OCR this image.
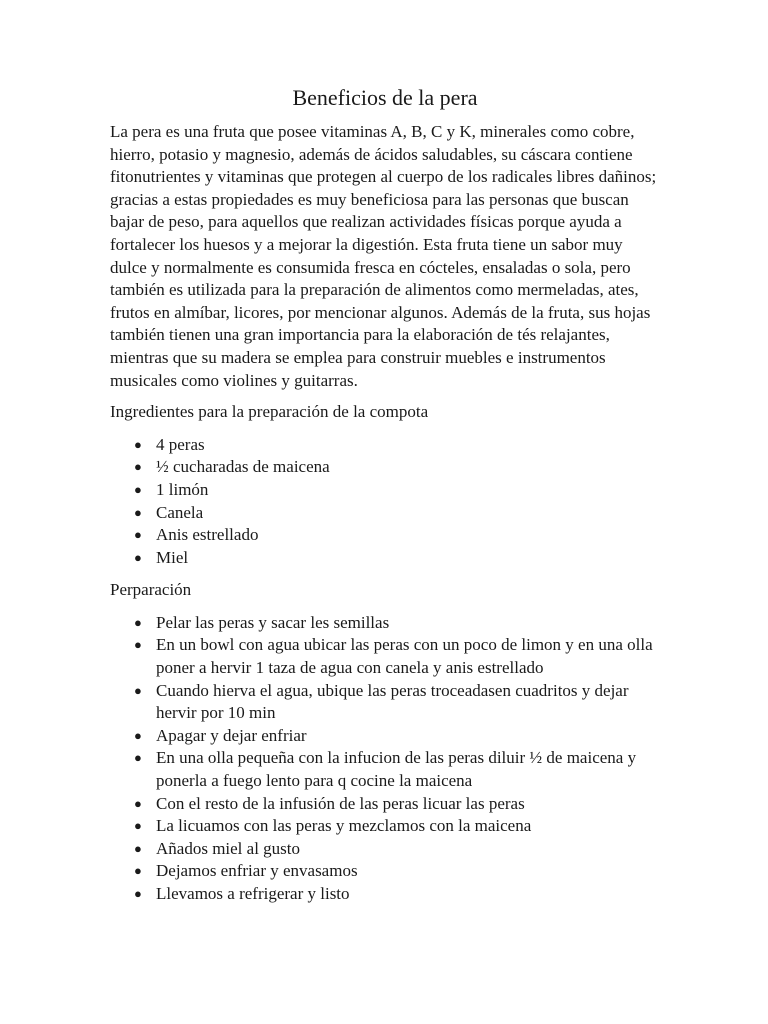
Beneficios de la pera

La pera es una fruta que posee vitaminas A, B, C y K, minerales como cobre, hierro, potasio y magnesio, además de ácidos saludables, su cáscara contiene fitonutrientes y vitaminas que protegen al cuerpo de los radicales libres dañinos; gracias a estas propiedades es muy beneficiosa para las personas que buscan bajar de peso, para aquellos que realizan actividades físicas porque ayuda a fortalecer los huesos y a mejorar la digestión. Esta fruta tiene un sabor muy dulce y normalmente es consumida fresca en cócteles, ensaladas o sola, pero también es utilizada para la preparación de alimentos como mermeladas, ates, frutos en almíbar, licores, por mencionar algunos. Además de la fruta, sus hojas también tienen una gran importancia para la elaboración de tés relajantes, mientras que su madera se emplea para construir muebles e instrumentos musicales como violines y guitarras.

Ingredientes para la preparación de la compota

● 4 peras
● ½ cucharadas de maicena
● 1 limón
● Canela
● Anis estrellado
● Miel

Perparación

● Pelar las peras y sacar les semillas
● En un bowl con agua ubicar las peras con un poco de limon y en una olla poner a hervir 1 taza de agua con canela y anis estrellado
● Cuando hierva el agua, ubique las peras troceadasen cuadritos y dejar hervir por 10 min
● Apagar y dejar enfriar
● En una olla pequeña con la infucion de las peras diluir ½ de maicena y ponerla a fuego lento para q cocine la maicena
● Con el resto de la infusión de las peras licuar las peras
● La licuamos con las peras y mezclamos con la maicena
● Añados miel al gusto
● Dejamos enfriar y envasamos
● Llevamos a refrigerar y listo
